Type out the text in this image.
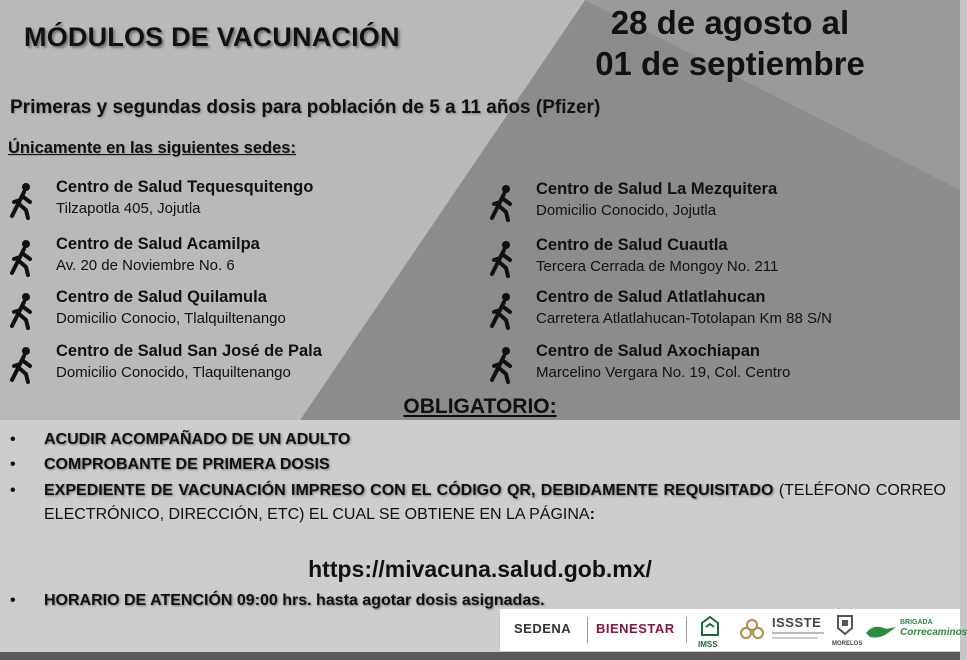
MÓDULOS DE VACUNACIÓN	28 de agosto al
01 de septiembre
Primeras y segundas dosis para población de 5 a 11 años (Pfizer)
Únicamente en las siguientes sedes:
Centro de Salud Tequesquitengo
Tilzapotla 405, Jojutla
Centro de Salud Acamilpa
Av. 20 de Noviembre No. 6
Centro de Salud Quilamula
Domicilio Conocio, Tlalquiltenango
Centro de Salud San José de Pala
Domicilio Conocido, Tlaquiltenango
Centro de Salud La Mezquitera
Domicilio Conocido, Jojutla
Centro de Salud Cuautla
Tercera Cerrada de Mongoy No. 211
Centro de Salud Atlatlahucan
Carretera Atlatlahucan-Totolapan Km 88 S/N
Centro de Salud Axochiapan
Marcelino Vergara No. 19, Col. Centro
OBLIGATORIO:
• ACUDIR ACOMPAÑADO DE UN ADULTO
• COMPROBANTE DE PRIMERA DOSIS
• EXPEDIENTE DE VACUNACIÓN IMPRESO CON EL CÓDIGO QR, DEBIDAMENTE REQUISITADO (TELÉFONO CORREO ELECTRÓNICO, DIRECCIÓN, ETC) EL CUAL SE OBTIENE EN LA PÁGINA:
https://mivacuna.salud.gob.mx/
• HORARIO DE ATENCIÓN 09:00 hrs. hasta agotar dosis asignadas.
SEDENA BIENESTAR
IMSS
ISSSTE
MORELOS
BRIGADA
Correcaminos
